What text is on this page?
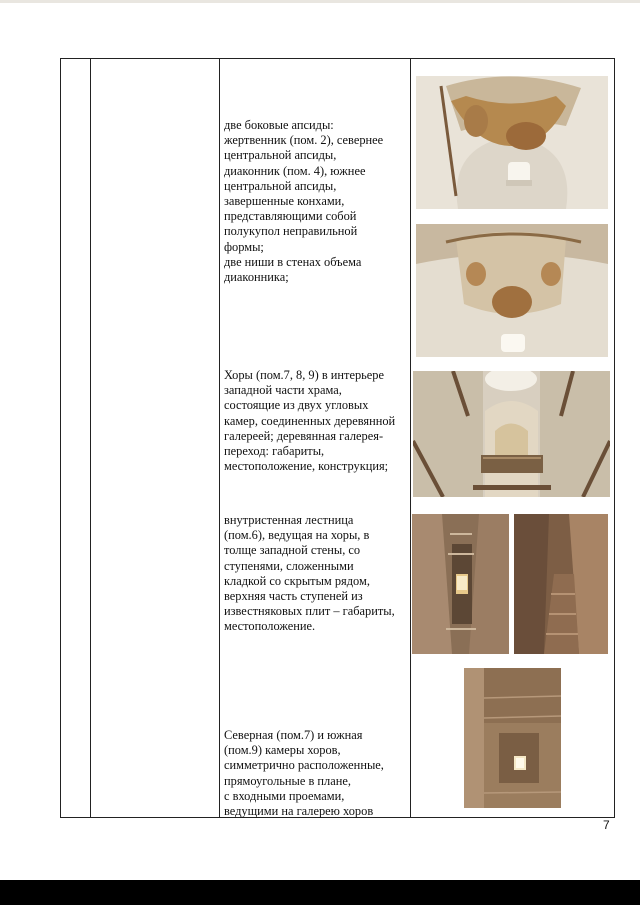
две боковые апсиды:
жертвенник (пом. 2), севернее
центральной апсиды,
диаконник (пом. 4), южнее
центральной апсиды,
завершенные конхами,
представляющими собой
полукупол неправильной
формы;
две ниши в стенах объема
диаконника;
Хоры (пом.7, 8, 9) в интерьере
западной части храма,
состоящие из двух угловых
камер, соединенных деревянной
галереей; деревянная галерея-
переход: габариты,
местоположение, конструкция;
внутристенная лестница
(пом.6), ведущая на хоры, в
толще западной стены, со
ступенями, сложенными
кладкой со скрытым рядом,
верхняя часть ступеней из
известняковых плит – габариты,
местоположение.
Северная (пом.7) и южная
(пом.9) камеры хоров,
симметрично расположенные,
прямоугольные в плане,
с входными проемами,
ведущими на галерею хоров
7
